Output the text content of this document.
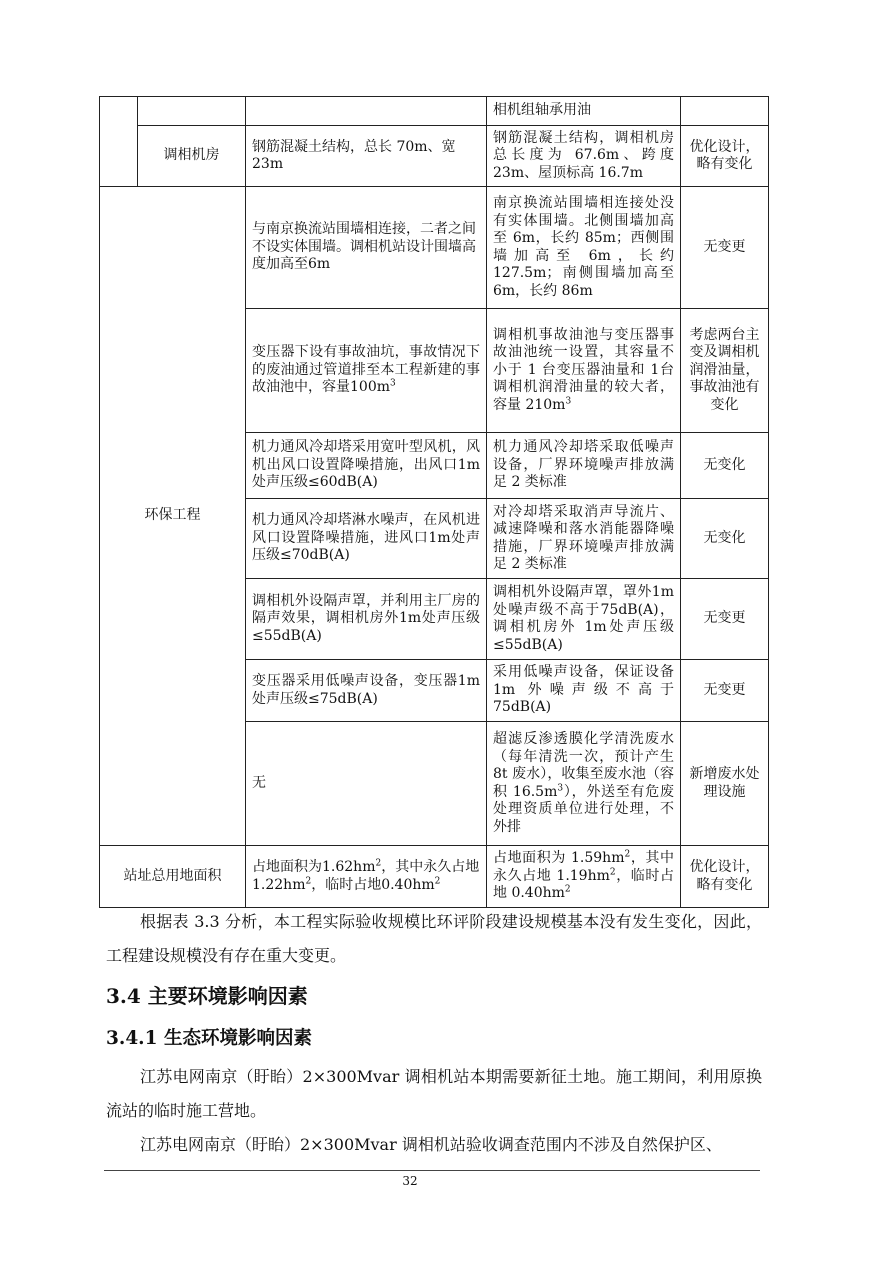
			相机组轴承用油	
	调相机房	钢筋混凝土结构，总长 70m、宽23m	钢筋混凝土结构，调相机房总长度为 67.6m、跨度 23m、屋顶标高 16.7m	优化设计，略有变化
环保工程		与南京换流站围墙相连接，二者之间不设实体围墙。调相机站设计围墙高度加高至6m	南京换流站围墙相连接处没有实体围墙。北侧围墙加高至 6m，长约 85m；西侧围墙加高至 6m，长约127.5m；南侧围墙加高至6m，长约 86m	无变更
		变压器下设有事故油坑，事故情况下的废油通过管道排至本工程新建的事故油池中，容量$100m^3$	调相机事故油池与变压器事故油池统一设置，其容量不小于 1 台变压器油量和 1台调相机润滑油量的较大者，容量 $210m^3$	考虑两台主变及调相机润滑油量，事故油池有变化
		机力通风冷却塔采用宽叶型风机，风机出风口设置降噪措施，出风口1m处声压级≤60dB(A)	机力通风冷却塔采取低噪声设备，厂界环境噪声排放满足 2 类标准	无变化
		机力通风冷却塔淋水噪声，在风机进风口设置降噪措施，进风口1m处声压级≤70dB(A)	对冷却塔采取消声导流片、减速降噪和落水消能器降噪措施，厂界环境噪声排放满足 2 类标准	无变化
		调相机外设隔声罩，并利用主厂房的隔声效果，调相机房外1m处声压级≤55dB(A)	调相机外设隔声罩，罩外1m 处噪声级不高于75dB(A)，调相机房外 1m处声压级≤55dB(A)	无变更
		变压器采用低噪声设备，变压器1m处声压级≤75dB(A)	采用低噪声设备，保证设备1m 外噪声级不高于75dB(A)	无变更
		无	超滤反渗透膜化学清洗废水（每年清洗一次，预计产生 8t 废水），收集至废水池（容积 $16.5m^3$），外送至有危废处理资质单位进行处理，不外排	新增废水处理设施
站址总用地面积		占地面积为$1.62hm^2$，其中永久占地$1.22hm^2$，临时占地$0.40hm^2$	占地面积为 $1.59hm^2$，其中永久占地 $1.19hm^2$，临时占地 $0.40hm^2$	优化设计，略有变化
根据表 3.3 分析，本工程实际验收规模比环评阶段建设规模基本没有发生变化，因此，工程建设规模没有存在重大变更。
3.4 主要环境影响因素
3.4.1 生态环境影响因素
江苏电网南京（盱眙）2×300Mvar 调相机站本期需要新征土地。施工期间，利用原换流站的临时施工营地。
江苏电网南京（盱眙）2×300Mvar 调相机站验收调查范围内不涉及自然保护区、
32
